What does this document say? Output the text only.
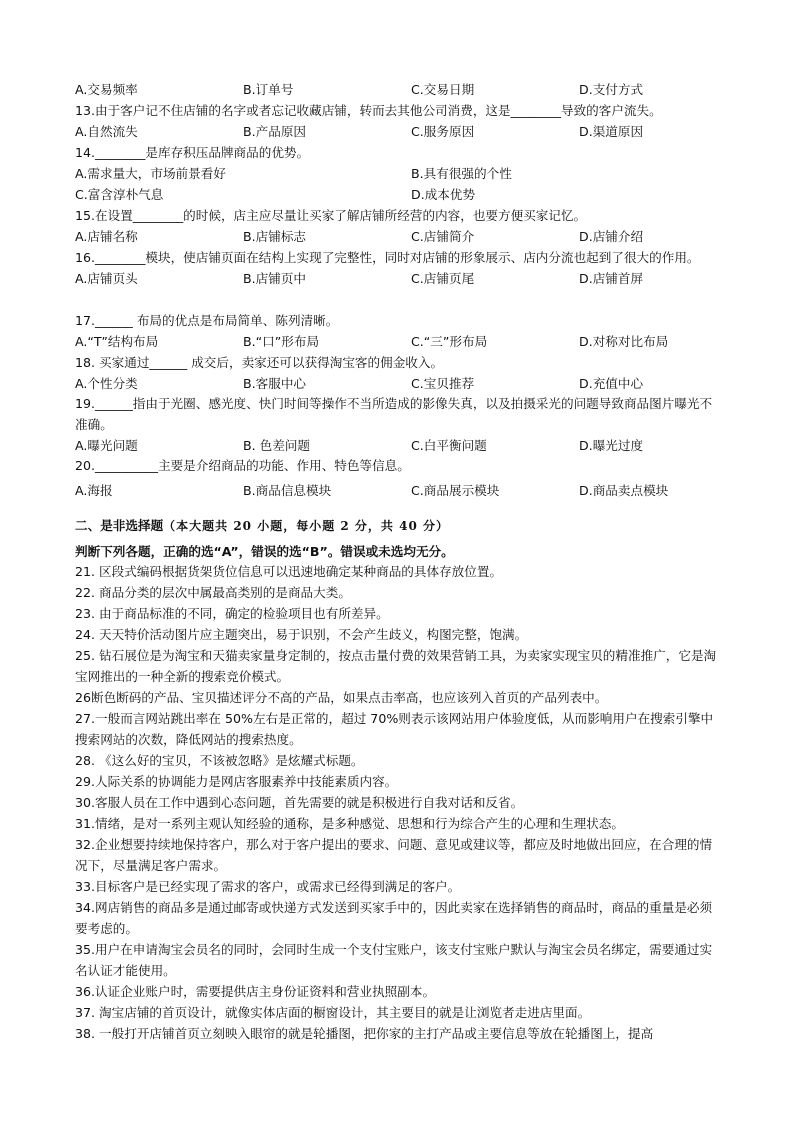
A.交易频率	B.订单号	C.交易日期	D.支付方式
13.由于客户记不住店铺的名字或者忘记收藏店铺，转而去其他公司消费，这是________导致的客户流失。
A.自然流失	B.产品原因	C.服务原因	D.渠道原因
14.________是库存积压品牌商品的优势。
A.需求量大，市场前景看好	B.具有很强的个性
C.富含淳朴气息	D.成本优势
15.在设置________的时候，店主应尽量让买家了解店铺所经营的内容，也要方便买家记忆。
A.店铺名称	B.店铺标志	C.店铺简介	D.店铺介绍
16.________模块，使店铺页面在结构上实现了完整性，同时对店铺的形象展示、店内分流也起到了很大的作用。
A.店铺页头	B.店铺页中	C.店铺页尾	D.店铺首屏
17.______ 布局的优点是布局简单、陈列清晰。
A.“T”结构布局	B.“口”形布局	C.“三”形布局	D.对称对比布局
18. 买家通过______ 成交后，卖家还可以获得淘宝客的佣金收入。
A.个性分类	B.客服中心	C.宝贝推荐	D.充值中心
19.______指由于光圈、感光度、快门时间等操作不当所造成的影像失真，以及拍摄采光的问题导致商品图片曝光不准确。
A.曝光问题	B. 色差问题	C.白平衡问题	D.曝光过度
20.__________主要是介绍商品的功能、作用、特色等信息。
A.海报	B.商品信息模块	C.商品展示模块	D.商品卖点模块
二、是非选择题（本大题共 20 小题，每小题 2 分，共 40 分）
判断下列各题，正确的选“A”，错误的选“B”。错误或未选均无分。
21. 区段式编码根据货架货位信息可以迅速地确定某种商品的具体存放位置。
22. 商品分类的层次中属最高类别的是商品大类。
23. 由于商品标准的不同，确定的检验项目也有所差异。
24. 天天特价活动图片应主题突出，易于识别，不会产生歧义，构图完整，饱满。
25. 钻石展位是为淘宝和天猫卖家量身定制的，按点击量付费的效果营销工具，为卖家实现宝贝的精准推广，它是淘宝网推出的一种全新的搜索竞价模式。
26断色断码的产品、宝贝描述评分不高的产品，如果点击率高，也应该列入首页的产品列表中。
27.一般而言网站跳出率在 50%左右是正常的，超过 70%则表示该网站用户体验度低，从而影响用户在搜索引擎中搜索网站的次数，降低网站的搜索热度。
28. 《这么好的宝贝，不该被忽略》是炫耀式标题。
29.人际关系的协调能力是网店客服素养中技能素质内容。
30.客服人员在工作中遇到心态问题，首先需要的就是积极进行自我对话和反省。
31.情绪，是对一系列主观认知经验的通称，是多种感觉、思想和行为综合产生的心理和生理状态。
32.企业想要持续地保持客户，那么对于客户提出的要求、问题、意见或建议等，都应及时地做出回应，在合理的情况下，尽量满足客户需求。
33.目标客户是已经实现了需求的客户，或需求已经得到满足的客户。
34.网店销售的商品多是通过邮寄或快递方式发送到买家手中的，因此卖家在选择销售的商品时，商品的重量是必须要考虑的。
35.用户在申请淘宝会员名的同时，会同时生成一个支付宝账户，该支付宝账户默认与淘宝会员名绑定，需要通过实名认证才能使用。
36.认证企业账户时，需要提供店主身份证资料和营业执照副本。
37. 淘宝店铺的首页设计，就像实体店面的橱窗设计，其主要目的就是让浏览者走进店里面。
38. 一般打开店铺首页立刻映入眼帘的就是轮播图，把你家的主打产品或主要信息等放在轮播图上，提高
